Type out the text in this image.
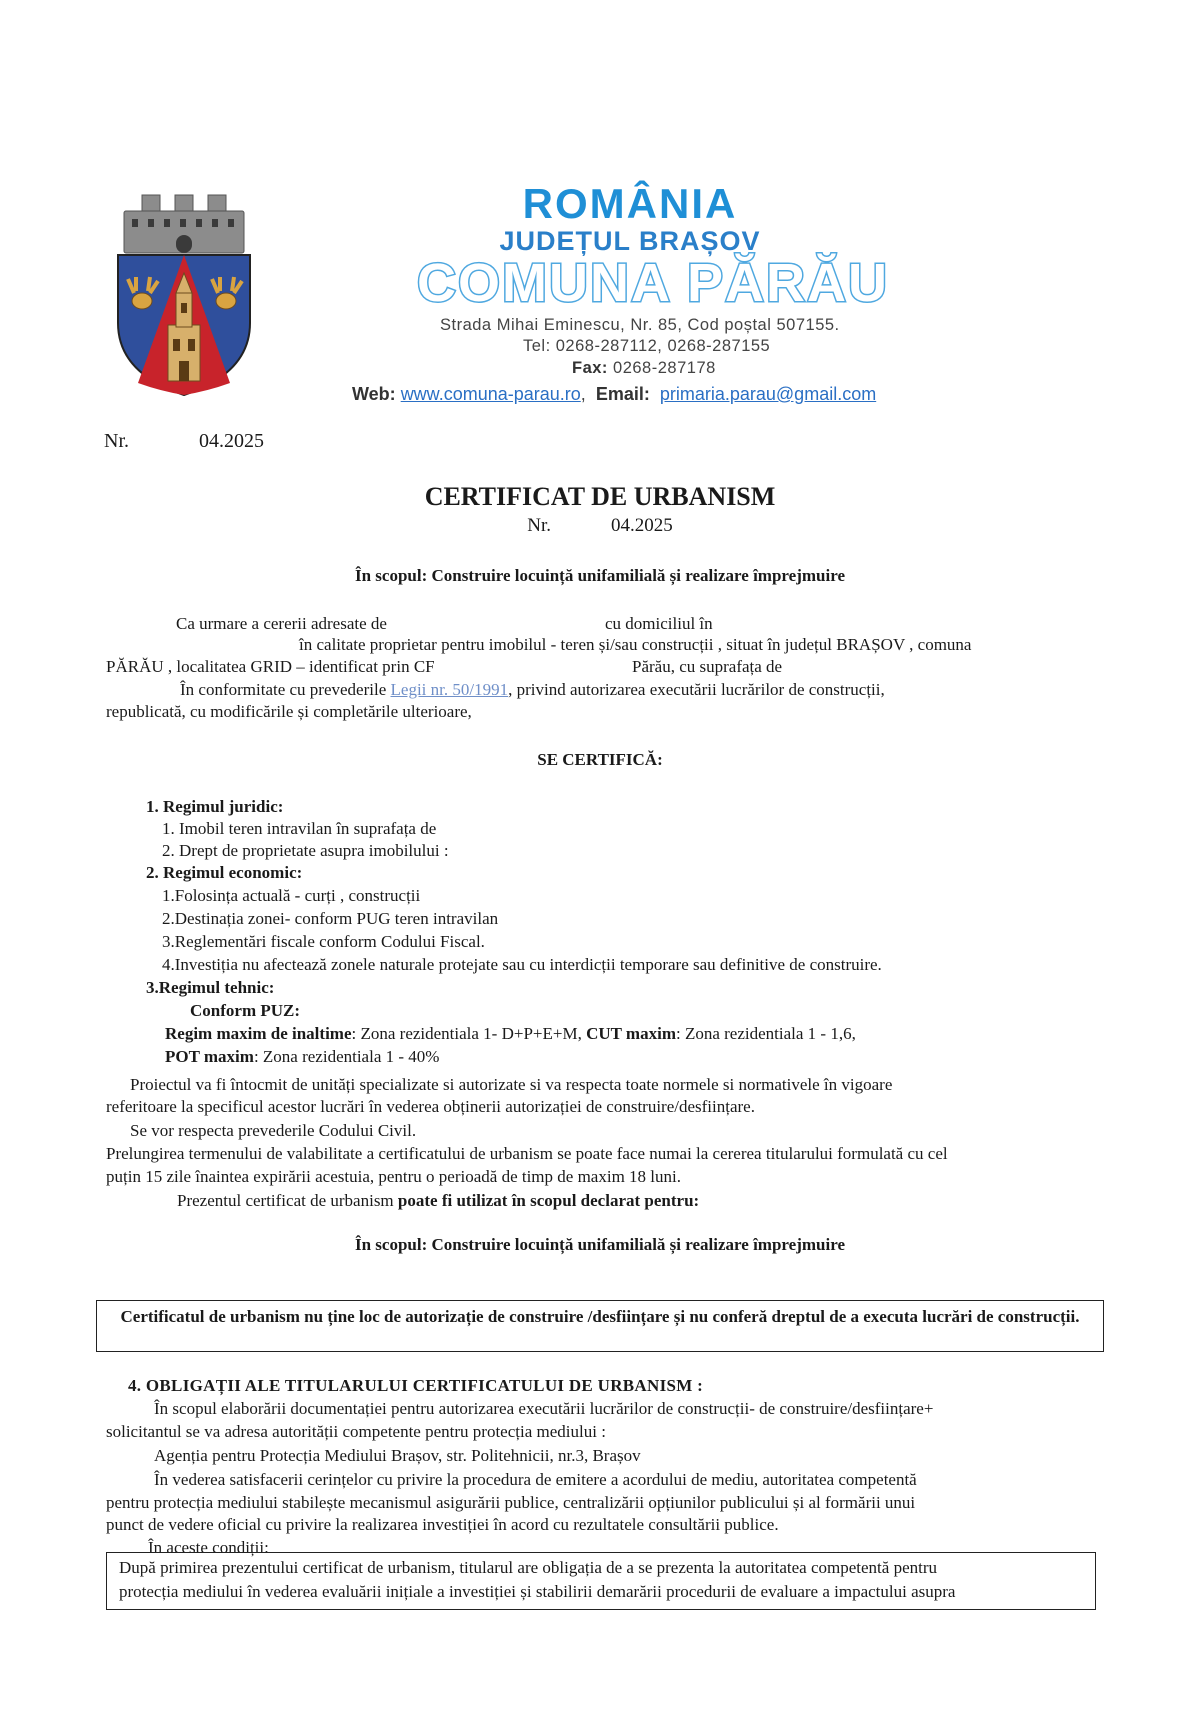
ROMÂNIA
JUDEȚUL BRAȘOV
COMUNA PĂRĂU
Strada Mihai Eminescu, Nr. 85, Cod poștal 507155.
Tel: 0268-287112, 0268-287155
Fax: 0268-287178
Web: www.comuna-parau.ro, Email: primaria.parau@gmail.com
Nr.	04.2025
CERTIFICAT DE URBANISM
Nr.	04.2025
În scopul: Construire locuință unifamilială și realizare împrejmuire
Ca urmare a cererii adresate de	cu domiciliul în
în calitate proprietar pentru imobilul - teren și/sau construcții , situat în județul BRAȘOV , comuna
PĂRĂU , localitatea GRID – identificat prin CF	Părău, cu suprafața de
În conformitate cu prevederile Legii nr. 50/1991, privind autorizarea executării lucrărilor de construcții,
republicată, cu modificările și completările ulterioare,
SE CERTIFICĂ:
1. Regimul juridic:
1. Imobil teren intravilan în suprafața de
2. Drept de proprietate asupra imobilului :
2. Regimul economic:
1.Folosința actuală - curți , construcții
2.Destinația zonei- conform PUG teren intravilan
3.Reglementări fiscale conform Codului Fiscal.
4.Investiția nu afectează zonele naturale protejate sau cu interdicții temporare sau definitive de construire.
3.Regimul tehnic:
Conform PUZ:
Regim maxim de inaltime: Zona rezidentiala 1- D+P+E+M, CUT maxim: Zona rezidentiala 1 - 1,6,
POT maxim: Zona rezidentiala 1 - 40%
Proiectul va fi întocmit de unități specializate si autorizate si va respecta toate normele si normativele în vigoare
referitoare la specificul acestor lucrări în vederea obținerii autorizației de construire/desființare.
Se vor respecta prevederile Codului Civil.
Prelungirea termenului de valabilitate a certificatului de urbanism se poate face numai la cererea titularului formulată cu cel
puțin 15 zile înaintea expirării acestuia, pentru o perioadă de timp de maxim 18 luni.
Prezentul certificat de urbanism poate fi utilizat în scopul declarat pentru:
În scopul: Construire locuință unifamilială și realizare împrejmuire
Certificatul de urbanism nu ține loc de autorizație de construire /desființare și nu conferă dreptul de a executa lucrări de construcții.
4. OBLIGAȚII ALE TITULARULUI CERTIFICATULUI DE URBANISM :
În scopul elaborării documentației pentru autorizarea executării lucrărilor de construcții- de construire/desființare+
solicitantul se va adresa autorității competente pentru protecția mediului :
Agenția pentru Protecția Mediului Brașov, str. Politehnicii, nr.3, Brașov
În vederea satisfacerii cerințelor cu privire la procedura de emitere a acordului de mediu, autoritatea competentă
pentru protecția mediului stabilește mecanismul asigurării publice, centralizării opțiunilor publicului și al formării unui
punct de vedere oficial cu privire la realizarea investiției în acord cu rezultatele consultării publice.
În aceste condiții:
După primirea prezentului certificat de urbanism, titularul are obligația de a se prezenta la autoritatea competentă pentru
protecția mediului în vederea evaluării inițiale a investiției și stabilirii demarării procedurii de evaluare a impactului asupra
